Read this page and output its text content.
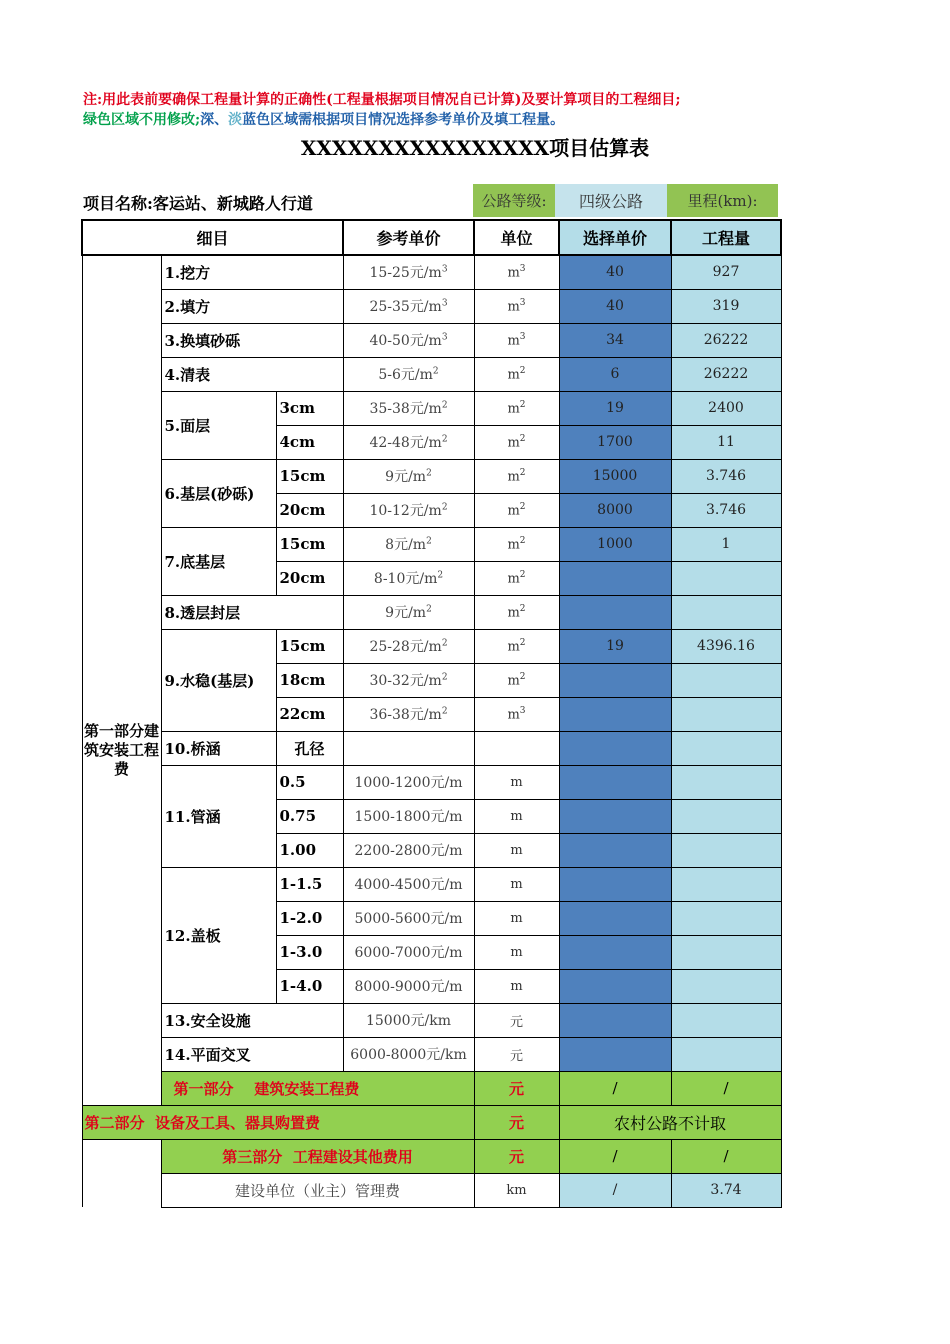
注:用此表前要确保工程量计算的正确性(工程量根据项目情况自已计算)及要计算项目的工程细目;
绿色区域不用修改;深、淡蓝色区域需根据项目情况选择参考单价及填工程量。
XXXXXXXXXXXXXXXX项目估算表
项目名称:客运站、新城路人行道	公路等级:	四级公路	里程(km):
细目			参考单价	单位	选择单价	工程量
第一部分建筑安装工程费	1.挖方		15-25元$/m^3$	$m^3$	40	927
	2.填方		25-35元$/m^3$	$m^3$	40	319
	3.换填砂砾		40-50元$/m^3$	$m^3$	34	26222
	4.清表		5-6元$/m^2$	$m^2$	6	26222
	5.面层	3cm	35-38元$/m^2$	$m^2$	19	2400
		4cm	42-48元$/m^2$	$m^2$	1700	11
	6.基层(砂砾)	15cm	9元$/m^2$	$m^2$	15000	3.746
		20cm	10-12元$/m^2$	$m^2$	8000	3.746
	7.底基层	15cm	8元$/m^2$	$m^2$	1000	1
		20cm	8-10元$/m^2$	$m^2$		
	8.透层封层		9元$/m^2$	$m^2$		
	9.水稳(基层)	15cm	25-28元$/m^2$	$m^2$	19	4396.16
		18cm	30-32元$/m^2$	$m^2$		
		22cm	36-38元$/m^2$	$m^3$		
	10.桥涵	孔径				
	11.管涵	0.5	1000-1200元/m	m		
		0.75	1500-1800元/m	m		
		1.00	2200-2800元/m	m		
	12.盖板	1-1.5	4000-4500元/m	m		
		1-2.0	5000-5600元/m	m		
		1-3.0	6000-7000元/m	m		
		1-4.0	8000-9000元/m	m		
	13.安全设施		15000元/km	元		
	14.平面交叉		6000-8000元/km	元		
	第一部分    建筑安装工程费			元	/	/
第二部分  设备及工具、器具购置费				元	农村公路不计取	
	第三部分  工程建设其他费用			元	/	/
	建设单位（业主）管理费			km	/	3.74
